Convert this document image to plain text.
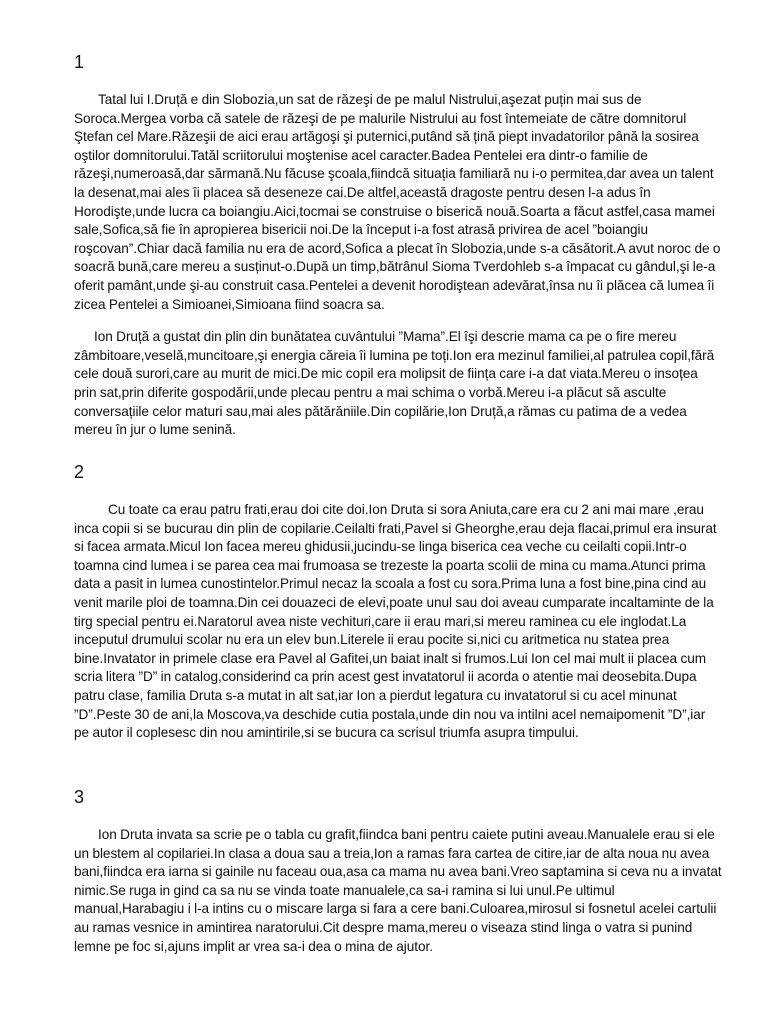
1

Tatal lui I.Druță e din Slobozia,un sat de răzeşi de pe malul Nistrului,aşezat puțin mai sus de Soroca.Mergea vorba că satele de răzeşi de pe malurile Nistrului au fost întemeiate de către domnitorul Ştefan cel Mare.Răzeşii de aici erau artăgoşi şi puternici,putând să țină piept invadatorilor până la sosirea oştilor domnitorului.Tatăl scriitorului moştenise acel caracter.Badea Pentelei era dintr-o familie de răzeşi,numeroasă,dar sărmană.Nu făcuse şcoala,fiindcă situația familiară nu i-o permitea,dar avea un talent la desenat,mai ales îi placea să deseneze cai.De altfel,această dragoste pentru desen l-a adus în Horodişte,unde lucra ca boiangiu.Aici,tocmai se construise o biserică nouă.Soarta a făcut astfel,casa mamei sale,Sofica,să fie în apropierea bisericii noi.De la început i-a fost atrasă privirea de acel ”boiangiu roşcovan”.Chiar dacă familia nu era de acord,Sofica a plecat în Slobozia,unde s-a căsătorit.A avut noroc de o soacră bună,care mereu a susținut-o.După un timp,bătrânul Sioma Tverdohleb s-a împacat cu gândul,şi le-a oferit pamânt,unde şi-au construit casa.Pentelei a devenit horodiştean adevărat,însa nu îi plăcea că lumea îi zicea Pentelei a Simioanei,Simioana fiind soacra sa.

Ion Druță a gustat din plin din bunătatea cuvântului ”Mama”.El îşi descrie mama ca pe o fire mereu zâmbitoare,veselă,muncitoare,şi energia căreia îi lumina pe toți.Ion era mezinul familiei,al patrulea copil,fără cele două surori,care au murit de mici.De mic copil era molipsit de ființa care i-a dat viata.Mereu o insoțea prin sat,prin diferite gospodării,unde plecau pentru a mai schima o vorbă.Mereu i-a plăcut să asculte conversațiile celor maturi sau,mai ales pătărăniile.Din copilărie,Ion Druță,a rămas cu patima de a vedea mereu în jur o lume senină.

2

Cu toate ca erau patru frati,erau doi cite doi.Ion Druta si sora Aniuta,care era cu 2 ani mai mare ,erau inca copii si se bucurau din plin de copilarie.Ceilalti frati,Pavel si Gheorghe,erau deja flacai,primul era insurat si facea armata.Micul Ion facea mereu ghidusii,jucindu-se linga biserica cea veche cu ceilalti copii.Intr-o toamna cind lumea i se parea cea mai frumoasa se trezeste la poarta scolii de mina cu mama.Atunci prima data a pasit in lumea cunostintelor.Primul necaz la scoala a fost cu sora.Prima luna a fost bine,pina cind au venit marile ploi de toamna.Din cei douazeci de elevi,poate unul sau doi aveau cumparate incaltaminte de la tirg special pentru ei.Naratorul avea niste vechituri,care ii erau mari,si mereu raminea cu ele inglodat.La inceputul drumului scolar nu era un elev bun.Literele ii erau pocite si,nici cu aritmetica nu statea prea bine.Invatator in primele clase era Pavel al Gafitei,un baiat inalt si frumos.Lui Ion cel mai mult ii placea cum scria litera ”D” in catalog,considerind ca prin acest gest invatatorul ii acorda o atentie mai deosebita.Dupa patru clase, familia Druta s-a mutat in alt sat,iar Ion a pierdut legatura cu invatatorul si cu acel minunat ”D”.Peste 30 de ani,la Moscova,va deschide cutia postala,unde din nou va intilni acel nemaipomenit ”D”,iar pe autor il coplesesc din nou amintirile,si se bucura ca scrisul triumfa asupra timpului.

3

Ion Druta invata sa scrie pe o tabla cu grafit,fiindca bani pentru caiete putini aveau.Manualele erau si ele un blestem al copilariei.In clasa a doua sau a treia,Ion a ramas fara cartea de citire,iar de alta noua nu avea bani,fiindca era iarna si gainile nu faceau oua,asa ca mama nu avea bani.Vreo saptamina si ceva nu a invatat nimic.Se ruga in gind ca sa nu se vinda toate manualele,ca sa-i ramina si lui unul.Pe ultimul manual,Harabagiu i l-a intins cu o miscare larga si fara a cere bani.Culoarea,mirosul si fosnetul acelei cartulii au ramas vesnice in amintirea naratorului.Cit despre mama,mereu o viseaza stind linga o vatra si punind lemne pe foc si,ajuns implit ar vrea sa-i dea o mina de ajutor.
